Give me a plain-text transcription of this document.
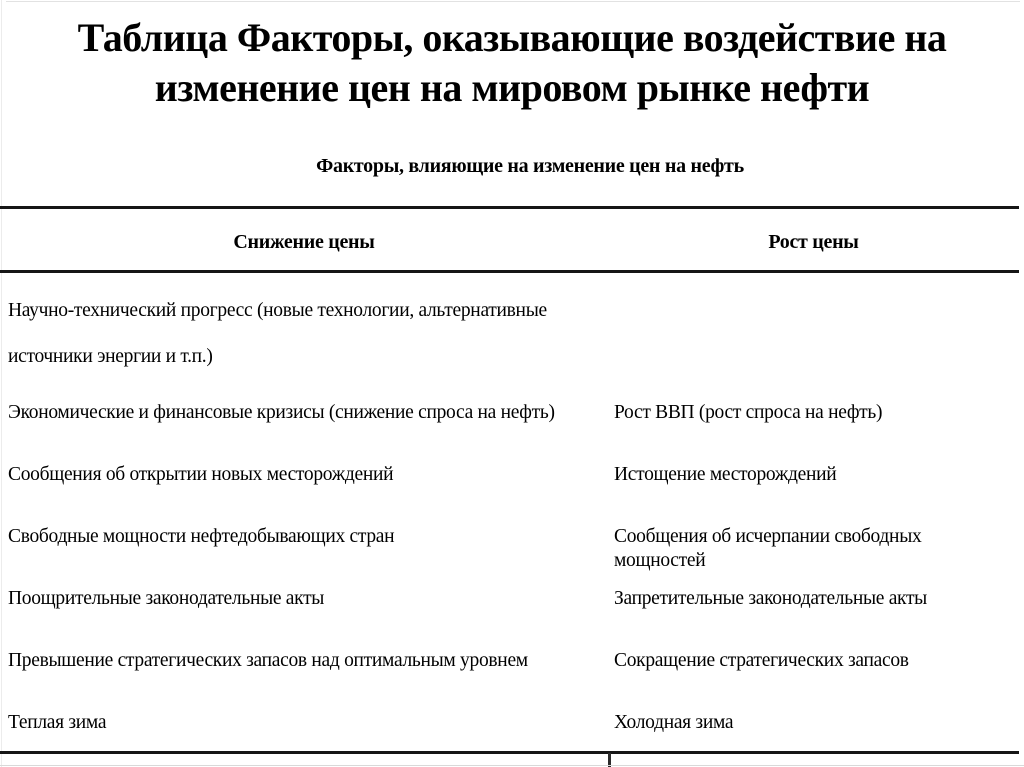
Таблица Факторы, оказывающие воздействие на изменение цен на мировом рынке нефти
Факторы, влияющие на изменение цен на нефть
Снижение цены	Рост цены
Научно-технический прогресс (новые технологии, альтернативные источники энергии и т.п.)
Экономические и финансовые кризисы (снижение спроса на нефть)	Рост ВВП (рост спроса на нефть)
Сообщения об открытии новых месторождений	Истощение месторождений
Свободные мощности нефтедобывающих стран	Сообщения об исчерпании свободных мощностей
Поощрительные законодательные акты	Запретительные законодательные акты
Превышение стратегических запасов над оптимальным уровнем	Сокращение стратегических запасов
Теплая зима	Холодная зима
